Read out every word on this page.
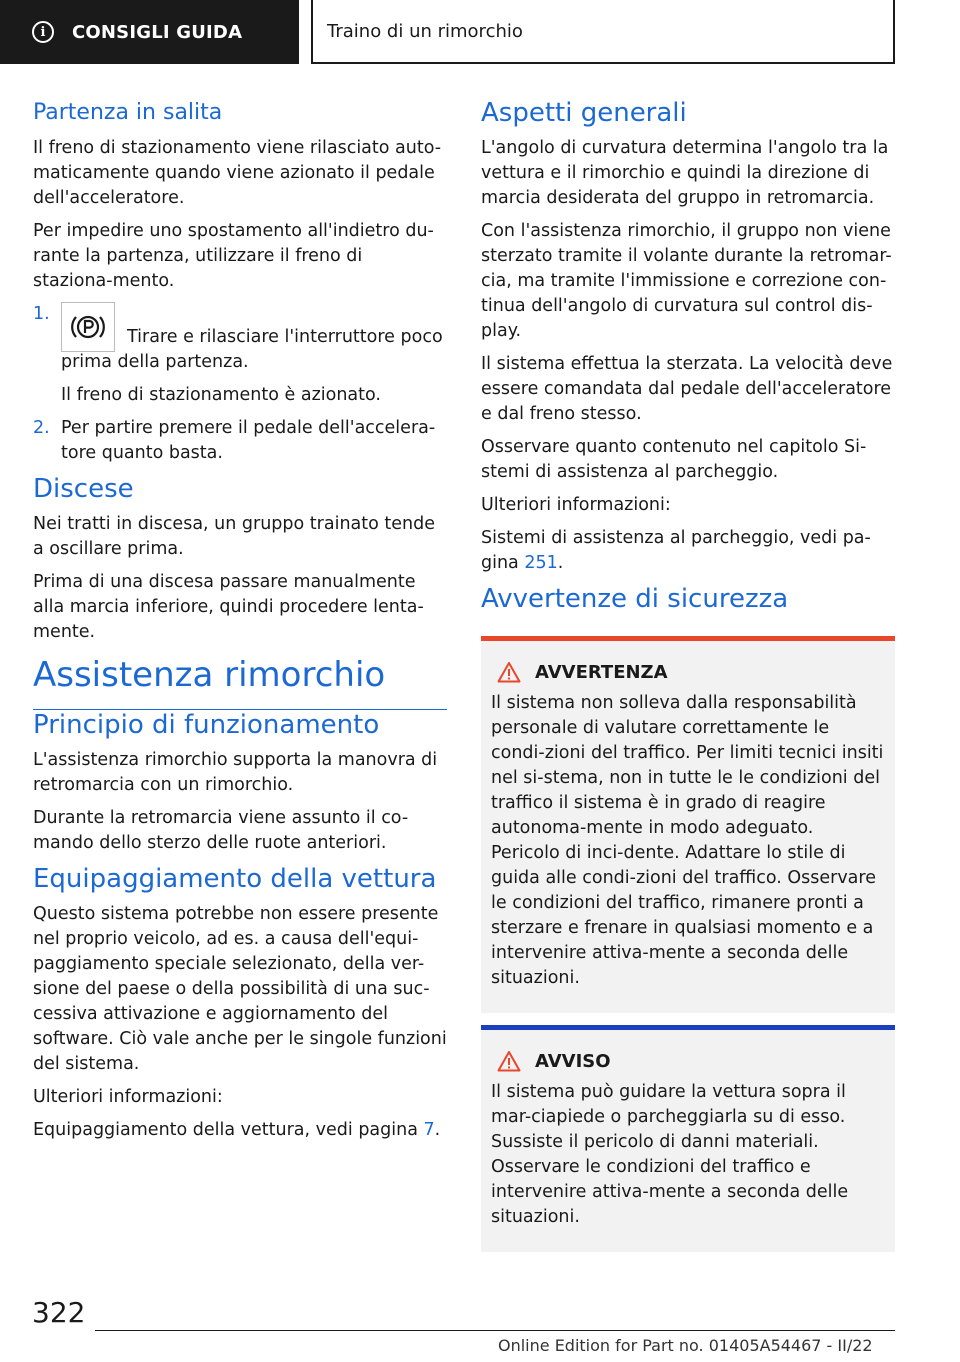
i	CONSIGLI GUIDA	Traino di un rimorchio
Partenza in salita

Il freno di stazionamento viene rilasciato auto-maticamente quando viene azionato il pedale dell'acceleratore.

Per impedire uno spostamento all'indietro du-rante la partenza, utilizzare il freno di staziona-mento.

1.
Tirare e rilasciare l'interruttore poco prima della partenza.
Il freno di stazionamento è azionato.
2. Per partire premere il pedale dell'accelera-tore quanto basta.
Discese

Nei tratti in discesa, un gruppo trainato tende a oscillare prima.

Prima di una discesa passare manualmente alla marcia inferiore, quindi procedere lenta-mente.

Assistenza rimorchio
Principio di funzionamento

L'assistenza rimorchio supporta la manovra di retromarcia con un rimorchio.

Durante la retromarcia viene assunto il co-mando dello sterzo delle ruote anteriori.

Equipaggiamento della vettura

Questo sistema potrebbe non essere presente nel proprio veicolo, ad es. a causa dell'equi-paggiamento speciale selezionato, della ver-sione del paese o della possibilità di una suc-cessiva attivazione e aggiornamento del software. Ciò vale anche per le singole funzioni del sistema.

Ulteriori informazioni:

Equipaggiamento della vettura, vedi pagina 7.

Aspetti generali

L'angolo di curvatura determina l'angolo tra la vettura e il rimorchio e quindi la direzione di marcia desiderata del gruppo in retromarcia.

Con l'assistenza rimorchio, il gruppo non viene sterzato tramite il volante durante la retromar-cia, ma tramite l'immissione e correzione con-tinua dell'angolo di curvatura sul control dis-play.

Il sistema effettua la sterzata. La velocità deve essere comandata dal pedale dell'acceleratore e dal freno stesso.

Osservare quanto contenuto nel capitolo Si-stemi di assistenza al parcheggio.

Ulteriori informazioni:

Sistemi di assistenza al parcheggio, vedi pa-gina 251.

Avvertenze di sicurezza
AVVERTENZA

Il sistema non solleva dalla responsabilità personale di valutare correttamente le condi-zioni del traffico. Per limiti tecnici insiti nel si-stema, non in tutte le le condizioni del traffico il sistema è in grado di reagire autonoma-mente in modo adeguato. Pericolo di inci-dente. Adattare lo stile di guida alle condi-zioni del traffico. Osservare le condizioni del traffico, rimanere pronti a sterzare e frenare in qualsiasi momento e a intervenire attiva-mente a seconda delle situazioni.

AVVISO

Il sistema può guidare la vettura sopra il mar-ciapiede o parcheggiarla su di esso. Sussiste il pericolo di danni materiali. Osservare le condizioni del traffico e intervenire attiva-mente a seconda delle situazioni.

322
Online Edition for Part no. 01405A54467 - II/22
